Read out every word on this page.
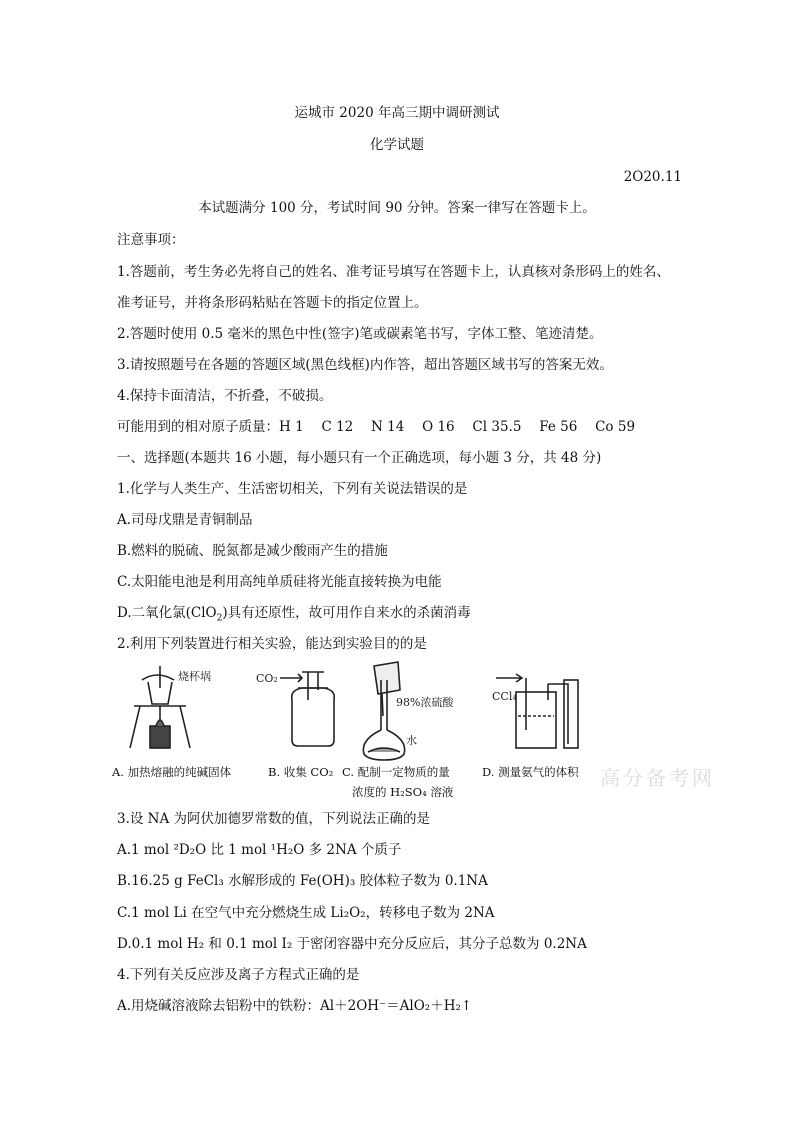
运城市 2020 年高三期中调研测试
化学试题
2O20.11
本试题满分 100 分，考试时间 90 分钟。答案一律写在答题卡上。
注意事项：
1.答题前，考生务必先将自己的姓名、准考证号填写在答题卡上，认真核对条形码上的姓名、
准考证号，并将条形码粘贴在答题卡的指定位置上。
2.答题时使用 0.5 毫米的黑色中性(签字)笔或碳素笔书写，字体工整、笔迹清楚。
3.请按照题号在各题的答题区域(黑色线框)内作答，超出答题区域书写的答案无效。
4.保持卡面清洁，不折叠，不破损。
可能用到的相对原子质量：H 1　 C 12　 N 14　 O 16　 Cl 35.5　 Fe 56　 Co 59
一、选择题(本题共 16 小题，每小题只有一个正确选项，每小题 3 分，共 48 分)
1.化学与人类生产、生活密切相关，下列有关说法错误的是
A.司母戊鼎是青铜制品
B.燃料的脱硫、脱氮都是减少酸雨产生的措施
C.太阳能电池是利用高纯单质硅将光能直接转换为电能
D.二氧化氯(ClO$_2$)具有还原性，故可用作自来水的杀菌消毒
2.利用下列装置进行相关实验，能达到实验目的的是
烧杯埚	CO₂
98%浓硫酸
水
CCl₄
A. 加热熔融的纯碱固体	B. 收集 CO₂ C. 配制一定物质的量
浓度的 H₂SO₄ 溶液
D. 测量氨气的体积 高分备考网
3.设 NA 为阿伏加德罗常数的值，下列说法正确的是
A.1 mol ²D₂O 比 1 mol ¹H₂O 多 2NA 个质子
B.16.25 g FeCl₃ 水解形成的 Fe(OH)₃ 胶体粒子数为 0.1NA
C.1 mol Li 在空气中充分燃烧生成 Li₂O₂，转移电子数为 2NA
D.0.1 mol H₂ 和 0.1 mol I₂ 于密闭容器中充分反应后，其分子总数为 0.2NA
4.下列有关反应涉及离子方程式正确的是
A.用烧碱溶液除去铝粉中的铁粉：Al＋2OH⁻＝AlO₂＋H₂↑
